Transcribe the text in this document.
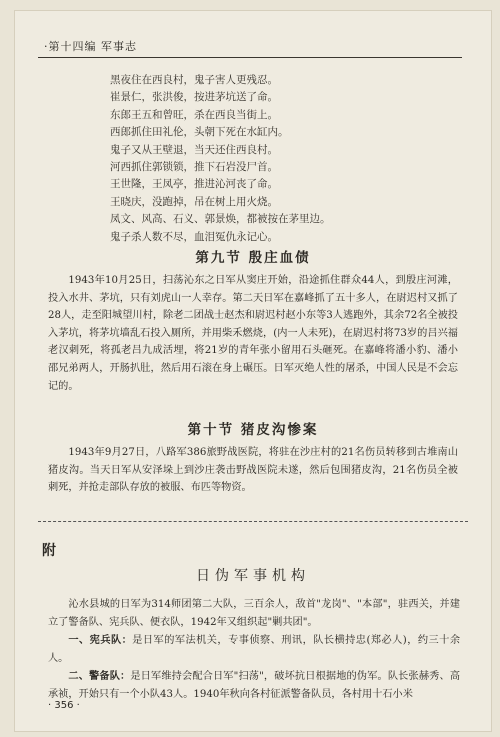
·第十四编 军事志
黑夜住在西良村，鬼子害人更残忍。
崔景仁，张洪俊，按进茅坑送了命。
东郎王五和曾旺，杀在西良当街上。
西郎抓住田礼伦，头朝下死在水缸内。
鬼子又从王壁退，当天还住西良村。
河西抓住郭锁锁，推下石岩没尸首。
王世隆，王凤亭，推进沁河丧了命。
王晓庆，没跑掉，吊在树上用火烧。
凤文、风高、石义、郭景焕，都被按在茅里边。
鬼子杀人数不尽，血泪冤仇永记心。
第九节 殷庄血债
1943年10月25日，扫荡沁东之日军从窦庄开始，沿途抓住群众44人，到殷庄河滩，投入水井、茅坑，只有刘虎山一人幸存。第二天日军在嘉峰抓了五十多人，在尉迟村又抓了28人，走至阳城望川村，除老二团战士赵杰和尉迟村赵小东等3人逃跑外，其余72名全被投入茅坑，将茅坑墙乱石投入厕所，并用柴禾燃烧，(内一人未死)，在尉迟村将73岁的吕兴福老汉刺死，将孤老吕九成活埋，将21岁的青年张小留用石头砸死。在嘉峰将潘小豹、潘小邵兄弟两人，开肠扒肚，然后用石滚在身上碾压。日军灭绝人性的屠杀，中国人民是不会忘记的。
第十节 猪皮沟惨案
1943年9月27日，八路军386旅野战医院，将驻在沙庄村的21名伤员转移到古堆南山猪皮沟。当天日军从安泽垛上到沙庄袭击野战医院未遂，然后包围猪皮沟，21名伤员全被刺死，并抢走部队存放的被服、布匹等物资。
附
日伪军事机构
沁水县城的日军为314师团第二大队，三百余人，敌首"龙岗"、"本部"，驻西关，并建立了警备队、宪兵队、便衣队，1942年又组织起"剿共团"。
一、宪兵队：是日军的军法机关，专事侦察、刑讯，队长横持忠(郑必人)，约三十余人。
二、警备队：是日军维持会配合日军"扫荡"，破坏抗日根据地的伪军。队长张赫秀、高承祯，开始只有一个小队43人。1940年秋向各村征派警备队员，各村用十石小米
· 356 ·
